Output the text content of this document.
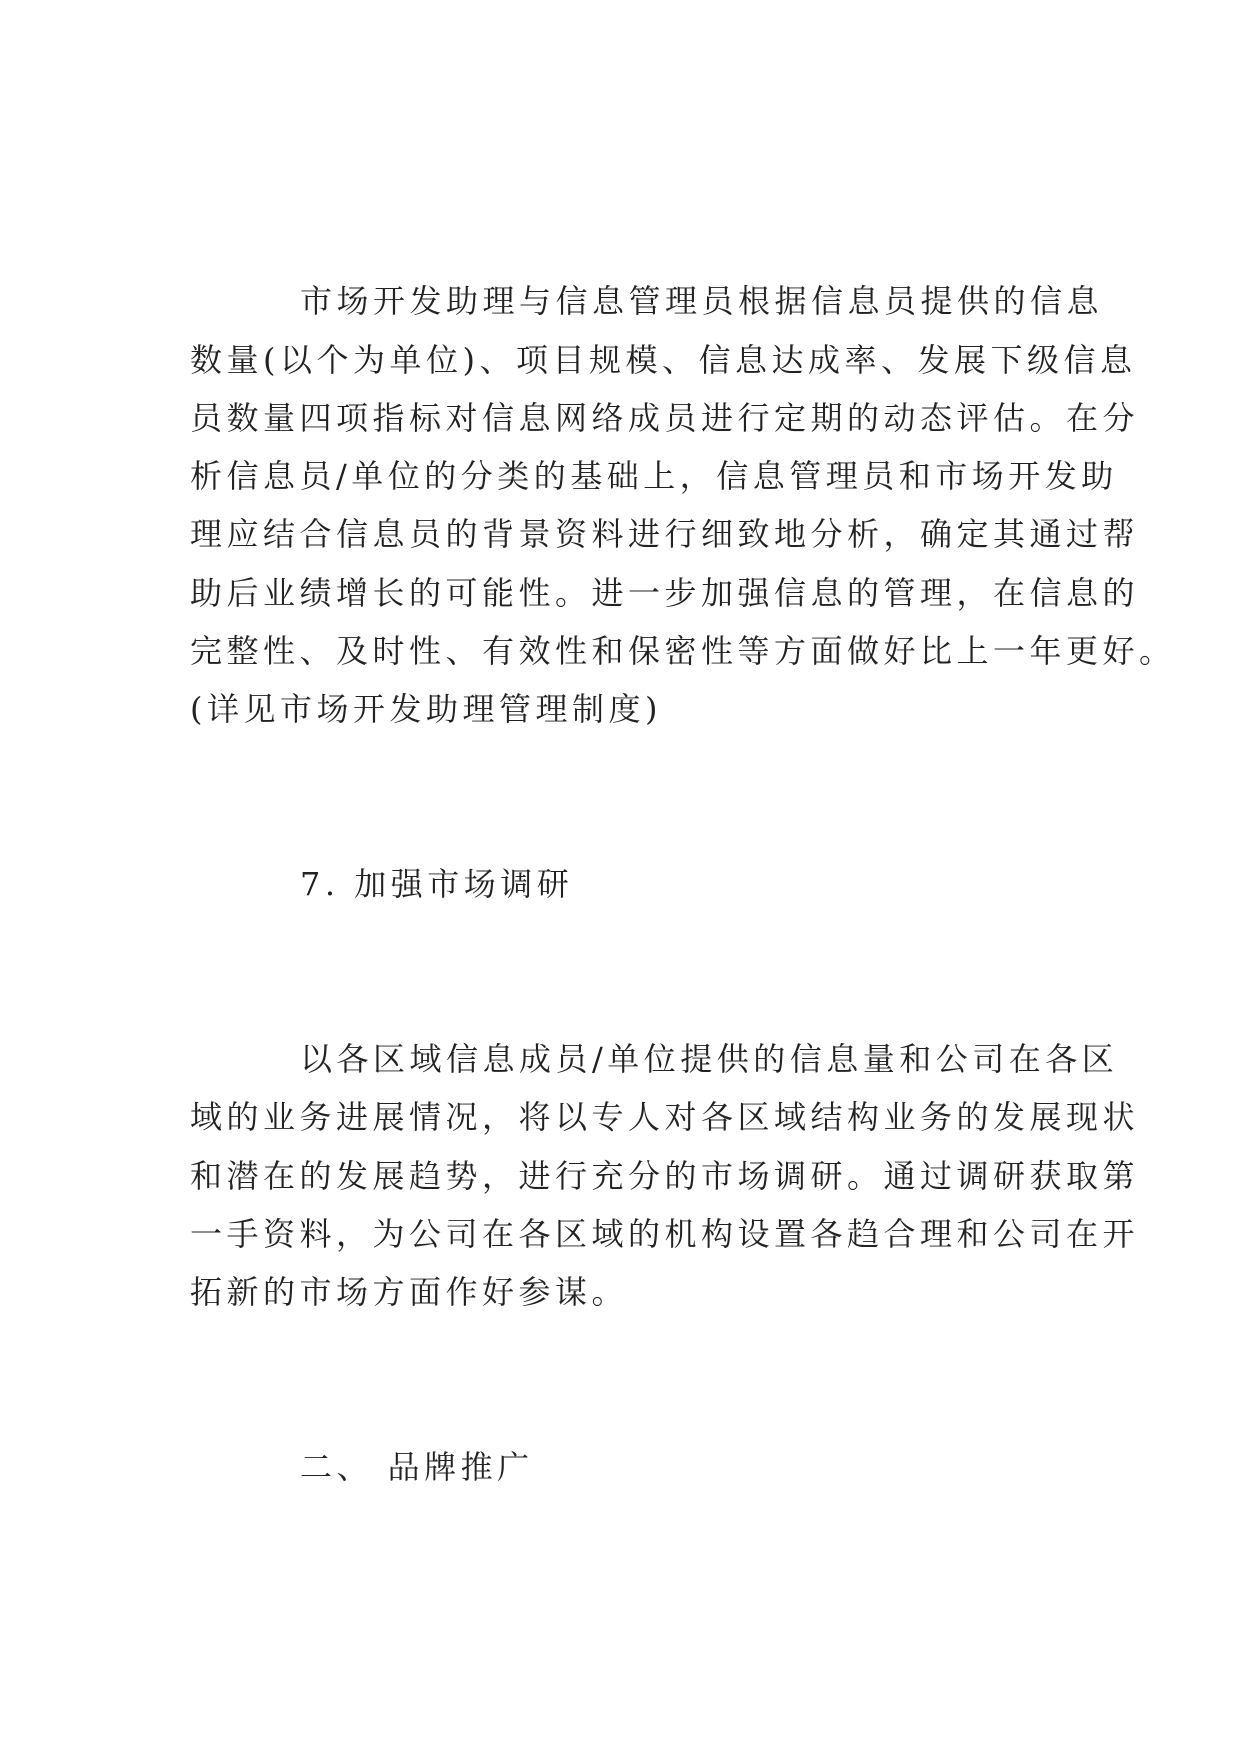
市场开发助理与信息管理员根据信息员提供的信息
数量(以个为单位)、项目规模、信息达成率、发展下级信息
员数量四项指标对信息网络成员进行定期的动态评估。在分
析信息员/单位的分类的基础上，信息管理员和市场开发助
理应结合信息员的背景资料进行细致地分析，确定其通过帮
助后业绩增长的可能性。进一步加强信息的管理，在信息的
完整性、及时性、有效性和保密性等方面做好比上一年更好。
(详见市场开发助理管理制度)
7. 加强市场调研
以各区域信息成员/单位提供的信息量和公司在各区
域的业务进展情况，将以专人对各区域结构业务的发展现状
和潜在的发展趋势，进行充分的市场调研。通过调研获取第
一手资料，为公司在各区域的机构设置各趋合理和公司在开
拓新的市场方面作好参谋。
二、 品牌推广
